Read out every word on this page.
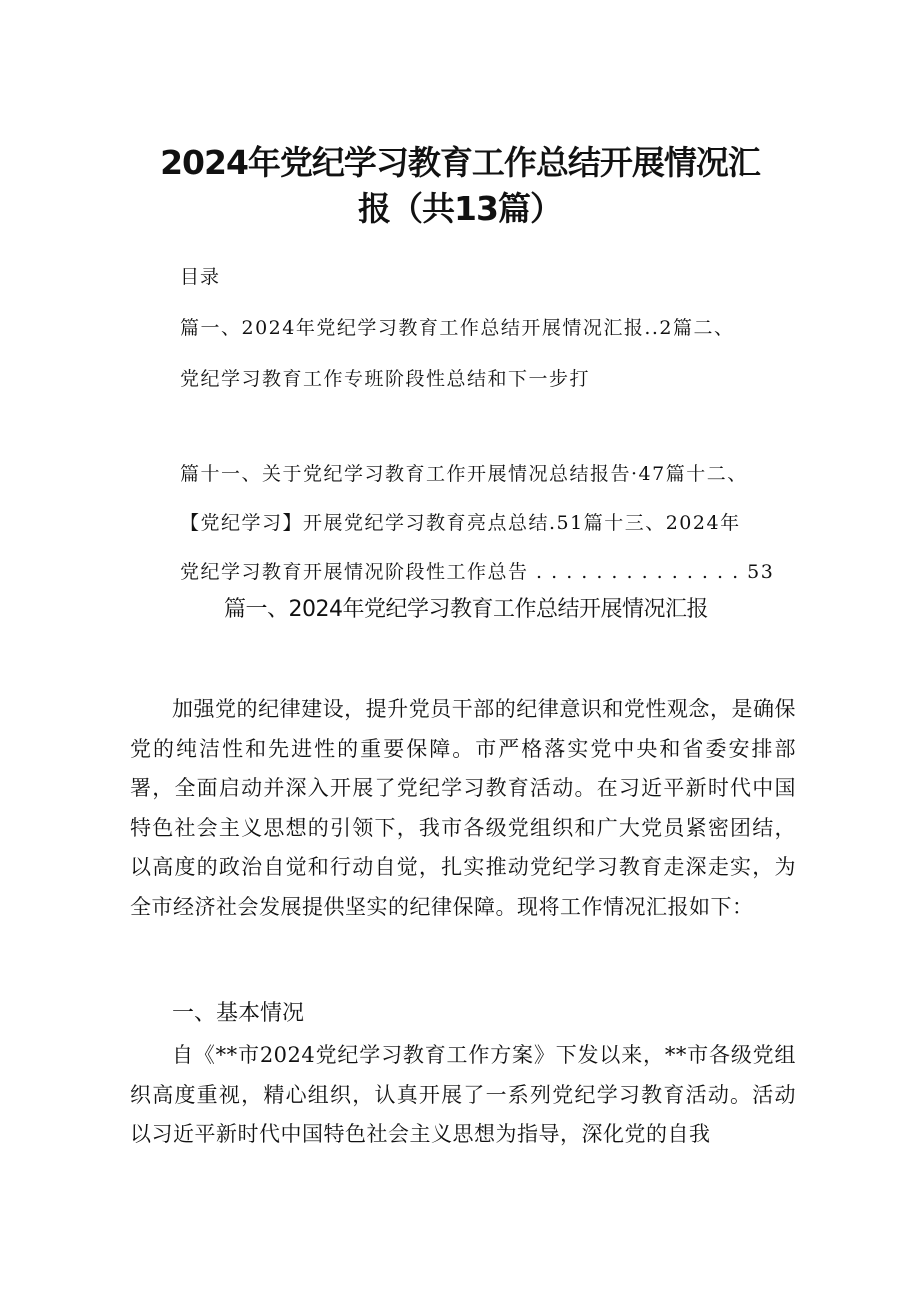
2024年党纪学习教育工作总结开展情况汇
报（共13篇）
目录
篇一、2024年党纪学习教育工作总结开展情况汇报..2篇二、
党纪学习教育工作专班阶段性总结和下一步打
篇十一、关于党纪学习教育工作开展情况总结报告·47篇十二、
【党纪学习】开展党纪学习教育亮点总结.51篇十三、2024年
党纪学习教育开展情况阶段性工作总告 . . . . . . . . . . . . . . 53
篇一、2024年党纪学习教育工作总结开展情况汇报
加强党的纪律建设，提升党员干部的纪律意识和党性观念，是确保党的纯洁性和先进性的重要保障。市严格落实党中央和省委安排部署，全面启动并深入开展了党纪学习教育活动。在习近平新时代中国特色社会主义思想的引领下，我市各级党组织和广大党员紧密团结，以高度的政治自觉和行动自觉，扎实推动党纪学习教育走深走实，为全市经济社会发展提供坚实的纪律保障。现将工作情况汇报如下：
一、基本情况
自《**市2024党纪学习教育工作方案》下发以来，**市各级党组织高度重视，精心组织，认真开展了一系列党纪学习教育活动。活动以习近平新时代中国特色社会主义思想为指导，深化党的自我
